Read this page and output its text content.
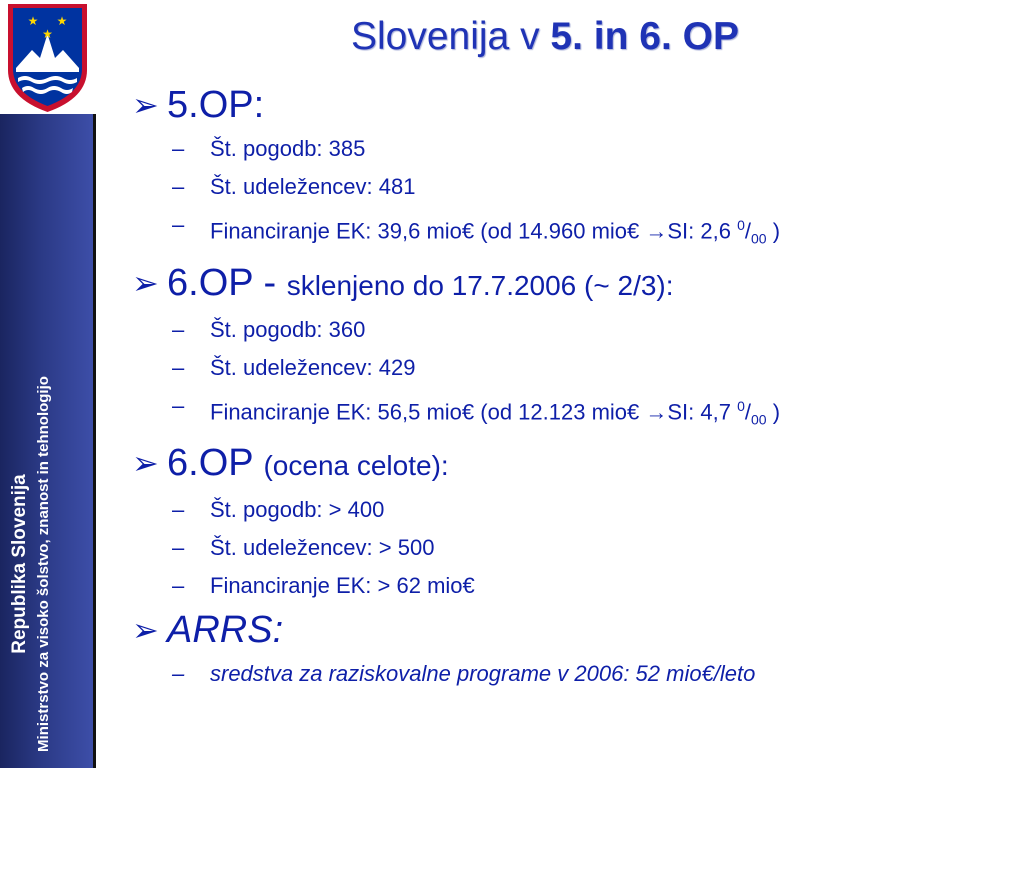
★ ★
★
Republika Slovenija Ministrstvo za visoko šolstvo, znanost in tehnologijo
Slovenija v 5. in 6. OP

➢ 5.OP:

– Št. pogodb: 385

– Št. udeležencev: 481

– Financiranje EK: 39,6 mio€ (od 14.960 mio€ →SI: 2,6 $^0/_{00}$ )

➢ 6.OP - sklenjeno do 17.7.2006 (~ 2/3):

– Št. pogodb: 360

– Št. udeležencev: 429

– Financiranje EK: 56,5 mio€ (od 12.123 mio€ →SI: 4,7 $^0/_{00}$ )

➢ 6.OP (ocena celote):

– Št. pogodb: > 400

– Št. udeležencev: > 500

– Financiranje EK: > 62 mio€

➢ ARRS:

– sredstva za raziskovalne programe v 2006: 52 mio€/leto
